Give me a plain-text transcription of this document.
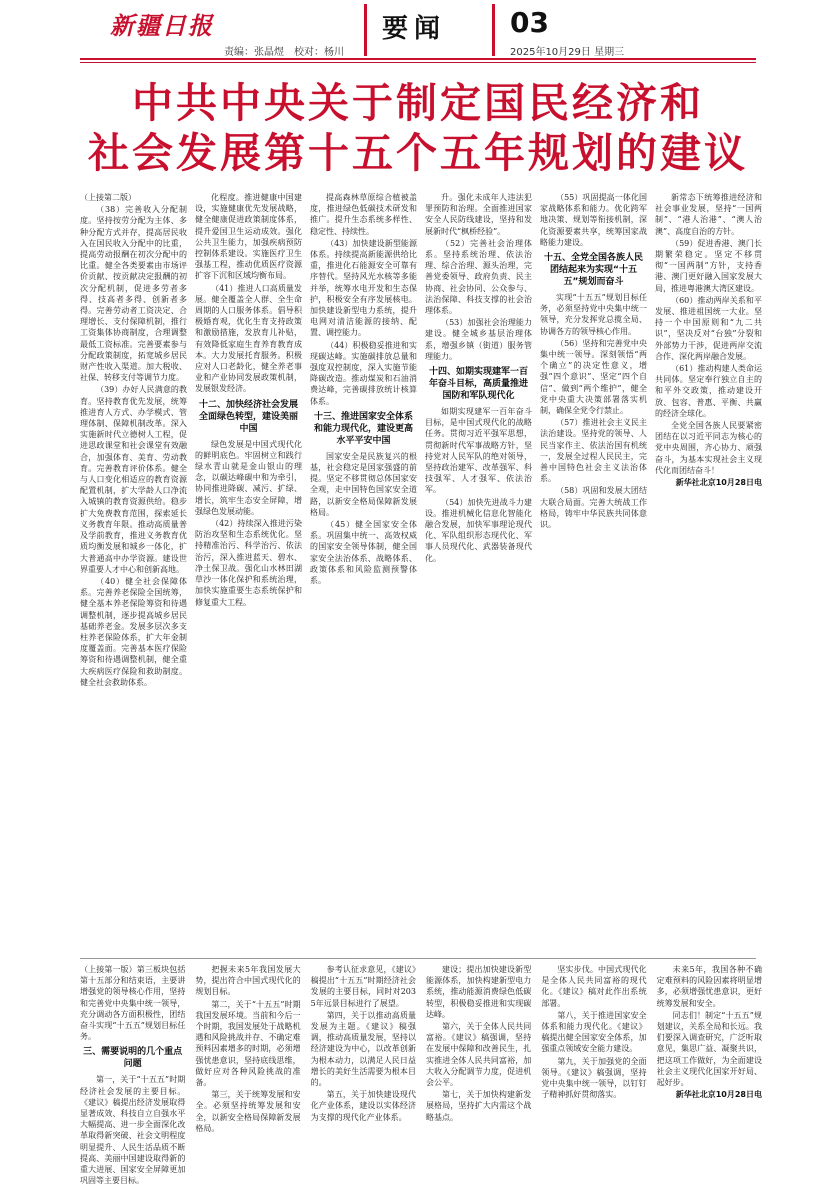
新疆日报
责编：张晶煜　校对：杨川
要闻 03
2025年10月29日 星期三
中共中央关于制定国民经济和
社会发展第十五个五年规划的建议

（上接第二版）

（38）完善收入分配制度。坚持按劳分配为主体、多种分配方式并存，提高居民收入在国民收入分配中的比重，提高劳动报酬在初次分配中的比重。健全各类要素由市场评价贡献、按贡献决定报酬的初次分配机制，促进多劳者多得、技高者多得、创新者多得。完善劳动者工资决定、合理增长、支付保障机制，推行工资集体协商制度，合理调整最低工资标准。完善要素参与分配政策制度，拓宽城乡居民财产性收入渠道。加大税收、社保、转移支付等调节力度。

（39）办好人民满意的教育。坚持教育优先发展，统筹推进育人方式、办学模式、管理体制、保障机制改革。深入实施新时代立德树人工程，促进思政课堂和社会课堂有效融合，加强体育、美育、劳动教育。完善教育评价体系。健全与人口变化相适应的教育资源配置机制，扩大学龄人口净流入城镇的教育资源供给。稳步扩大免费教育范围，探索延长义务教育年限。推动高质量普及学前教育，推进义务教育优质均衡发展和城乡一体化，扩大普通高中办学资源。建设世界重要人才中心和创新高地。

（40）健全社会保障体系。完善养老保险全国统筹，健全基本养老保险筹资和待遇调整机制，逐步提高城乡居民基础养老金。发展多层次多支柱养老保险体系，扩大年金制度覆盖面。完善基本医疗保险筹资和待遇调整机制，健全重大疾病医疗保险和救助制度。健全社会救助体系。

化程度。推进健康中国建设，实施健康优先发展战略，健全健康促进政策制度体系，提升爱国卫生运动成效。强化公共卫生能力，加强疾病预防控制体系建设。实施医疗卫生强基工程，推动优质医疗资源扩容下沉和区域均衡布局。

（41）推进人口高质量发展。健全覆盖全人群、全生命周期的人口服务体系。倡导积极婚育观，优化生育支持政策和激励措施，发放育儿补贴，有效降低家庭生育养育教育成本。大力发展托育服务。积极应对人口老龄化，健全养老事业和产业协同发展政策机制，发展银发经济。

十二、加快经济社会发展全面绿色转型，建设美丽中国

绿色发展是中国式现代化的鲜明底色。牢固树立和践行绿水青山就是金山银山的理念，以碳达峰碳中和为牵引，协同推进降碳、减污、扩绿、增长，筑牢生态安全屏障，增强绿色发展动能。

（42）持续深入推进污染防治攻坚和生态系统优化。坚持精准治污、科学治污、依法治污，深入推进蓝天、碧水、净土保卫战。强化山水林田湖草沙一体化保护和系统治理，加快实施重要生态系统保护和修复重大工程。

提高森林草原综合植被盖度，推进绿色低碳技术研发和推广。提升生态系统多样性、稳定性、持续性。

（43）加快建设新型能源体系。持续提高新能源供给比重，推进化石能源安全可靠有序替代。坚持风光水核等多能并举，统筹水电开发和生态保护，积极安全有序发展核电。加快建设新型电力系统，提升电网对清洁能源的接纳、配置、调控能力。

（44）积极稳妥推进和实现碳达峰。实施碳排放总量和强度双控制度，深入实施节能降碳改造。推动煤炭和石油消费达峰，完善碳排放统计核算体系。

十三、推进国家安全体系和能力现代化，建设更高水平平安中国

国家安全是民族复兴的根基，社会稳定是国家强盛的前提。坚定不移贯彻总体国家安全观，走中国特色国家安全道路，以新安全格局保障新发展格局。

（45）健全国家安全体系。巩固集中统一、高效权威的国家安全领导体制，健全国家安全法治体系、战略体系、政策体系和风险监测预警体系。

升。强化未成年人违法犯罪预防和治理。全面推进国家安全人民防线建设，坚持和发展新时代“枫桥经验”。

（52）完善社会治理体系。坚持系统治理、依法治理、综合治理、源头治理，完善党委领导、政府负责、民主协商、社会协同、公众参与、法治保障、科技支撑的社会治理体系。

（53）加强社会治理能力建设。健全城乡基层治理体系，增强乡镇（街道）服务管理能力。

十四、如期实现建军一百年奋斗目标，高质量推进国防和军队现代化

如期实现建军一百年奋斗目标，是中国式现代化的战略任务。贯彻习近平强军思想，贯彻新时代军事战略方针，坚持党对人民军队的绝对领导，坚持政治建军、改革强军、科技强军、人才强军、依法治军。

（54）加快先进战斗力建设。推进机械化信息化智能化融合发展，加快军事理论现代化、军队组织形态现代化、军事人员现代化、武器装备现代化。

（55）巩固提高一体化国家战略体系和能力。优化跨军地决策、规划等衔接机制，深化资源要素共享，统筹国家战略能力建设。

十五、全党全国各族人民团结起来为实现“十五五”规划而奋斗

实现“十五五”规划目标任务，必须坚持党中央集中统一领导，充分发挥党总揽全局、协调各方的领导核心作用。

（56）坚持和完善党中央集中统一领导。深刻领悟“两个确立”的决定性意义，增强“四个意识”、坚定“四个自信”、做到“两个维护”，健全党中央重大决策部署落实机制，确保全党令行禁止。

（57）推进社会主义民主法治建设。坚持党的领导、人民当家作主、依法治国有机统一，发展全过程人民民主，完善中国特色社会主义法治体系。

（58）巩固和发展大团结大联合局面。完善大统战工作格局，铸牢中华民族共同体意识。

新常态下统筹推进经济和社会事业发展，坚持“一国两制”、“港人治港”、“澳人治澳”、高度自治的方针。

（59）促进香港、澳门长期繁荣稳定。坚定不移贯彻“一国两制”方针，支持香港、澳门更好融入国家发展大局，推进粤港澳大湾区建设。

（60）推动两岸关系和平发展、推进祖国统一大业。坚持一个中国原则和“九二共识”，坚决反对“台独”分裂和外部势力干涉，促进两岸交流合作、深化两岸融合发展。

（61）推动构建人类命运共同体。坚定奉行独立自主的和平外交政策，推动建设开放、包容、普惠、平衡、共赢的经济全球化。

全党全国各族人民要紧密团结在以习近平同志为核心的党中央周围，齐心协力、顽强奋斗，为基本实现社会主义现代化而团结奋斗！

新华社北京10月28日电

（上接第一版）第三板块包括第十五部分和结束语，主要讲增强党的领导核心作用，坚持和完善党中央集中统一领导，充分调动各方面积极性，团结奋斗实现“十五五”规划目标任务。

三、需要说明的几个重点问题

第一，关于“十五五”时期经济社会发展的主要目标。《建议》稿提出经济发展取得显著成效、科技自立自强水平大幅提高、进一步全面深化改革取得新突破、社会文明程度明显提升、人民生活品质不断提高、美丽中国建设取得新的重大进展、国家安全屏障更加巩固等主要目标。

把握未来5年我国发展大势，提出符合中国式现代化的规划目标。

第二，关于“十五五”时期我国发展环境。当前和今后一个时期，我国发展处于战略机遇和风险挑战并存、不确定难预料因素增多的时期，必须增强忧患意识，坚持底线思维，做好应对各种风险挑战的准备。

第三，关于统筹发展和安全。必须坚持统筹发展和安全，以新安全格局保障新发展格局。

参考认征求意见，《建议》稿提出“十五五”时期经济社会发展的主要目标，同时对2035年远景目标进行了展望。

第四，关于以推动高质量发展为主题。《建议》稿强调，推动高质量发展，坚持以经济建设为中心，以改革创新为根本动力，以满足人民日益增长的美好生活需要为根本目的。

第五，关于加快建设现代化产业体系，建设以实体经济为支撑的现代化产业体系。

建设；提出加快建设新型能源体系，加快构建新型电力系统，推动能源消费绿色低碳转型，积极稳妥推进和实现碳达峰。

第六，关于全体人民共同富裕。《建议》稿强调，坚持在发展中保障和改善民生，扎实推进全体人民共同富裕，加大收入分配调节力度，促进机会公平。

第七，关于加快构建新发展格局，坚持扩大内需这个战略基点。

坚实步伐。中国式现代化是全体人民共同富裕的现代化。《建议》稿对此作出系统部署。

第八，关于推进国家安全体系和能力现代化。《建议》稿提出健全国家安全体系，加强重点领域安全能力建设。

第九，关于加强党的全面领导。《建议》稿强调，坚持党中央集中统一领导，以钉钉子精神抓好贯彻落实。

未来5年，我国各种不确定难预料的风险因素将明显增多，必须增强忧患意识，更好统筹发展和安全。

同志们！制定“十五五”规划建议，关系全局和长远。我们要深入调查研究，广泛听取意见，集思广益、凝聚共识，把这项工作做好，为全面建设社会主义现代化国家开好局、起好步。

新华社北京10月28日电
